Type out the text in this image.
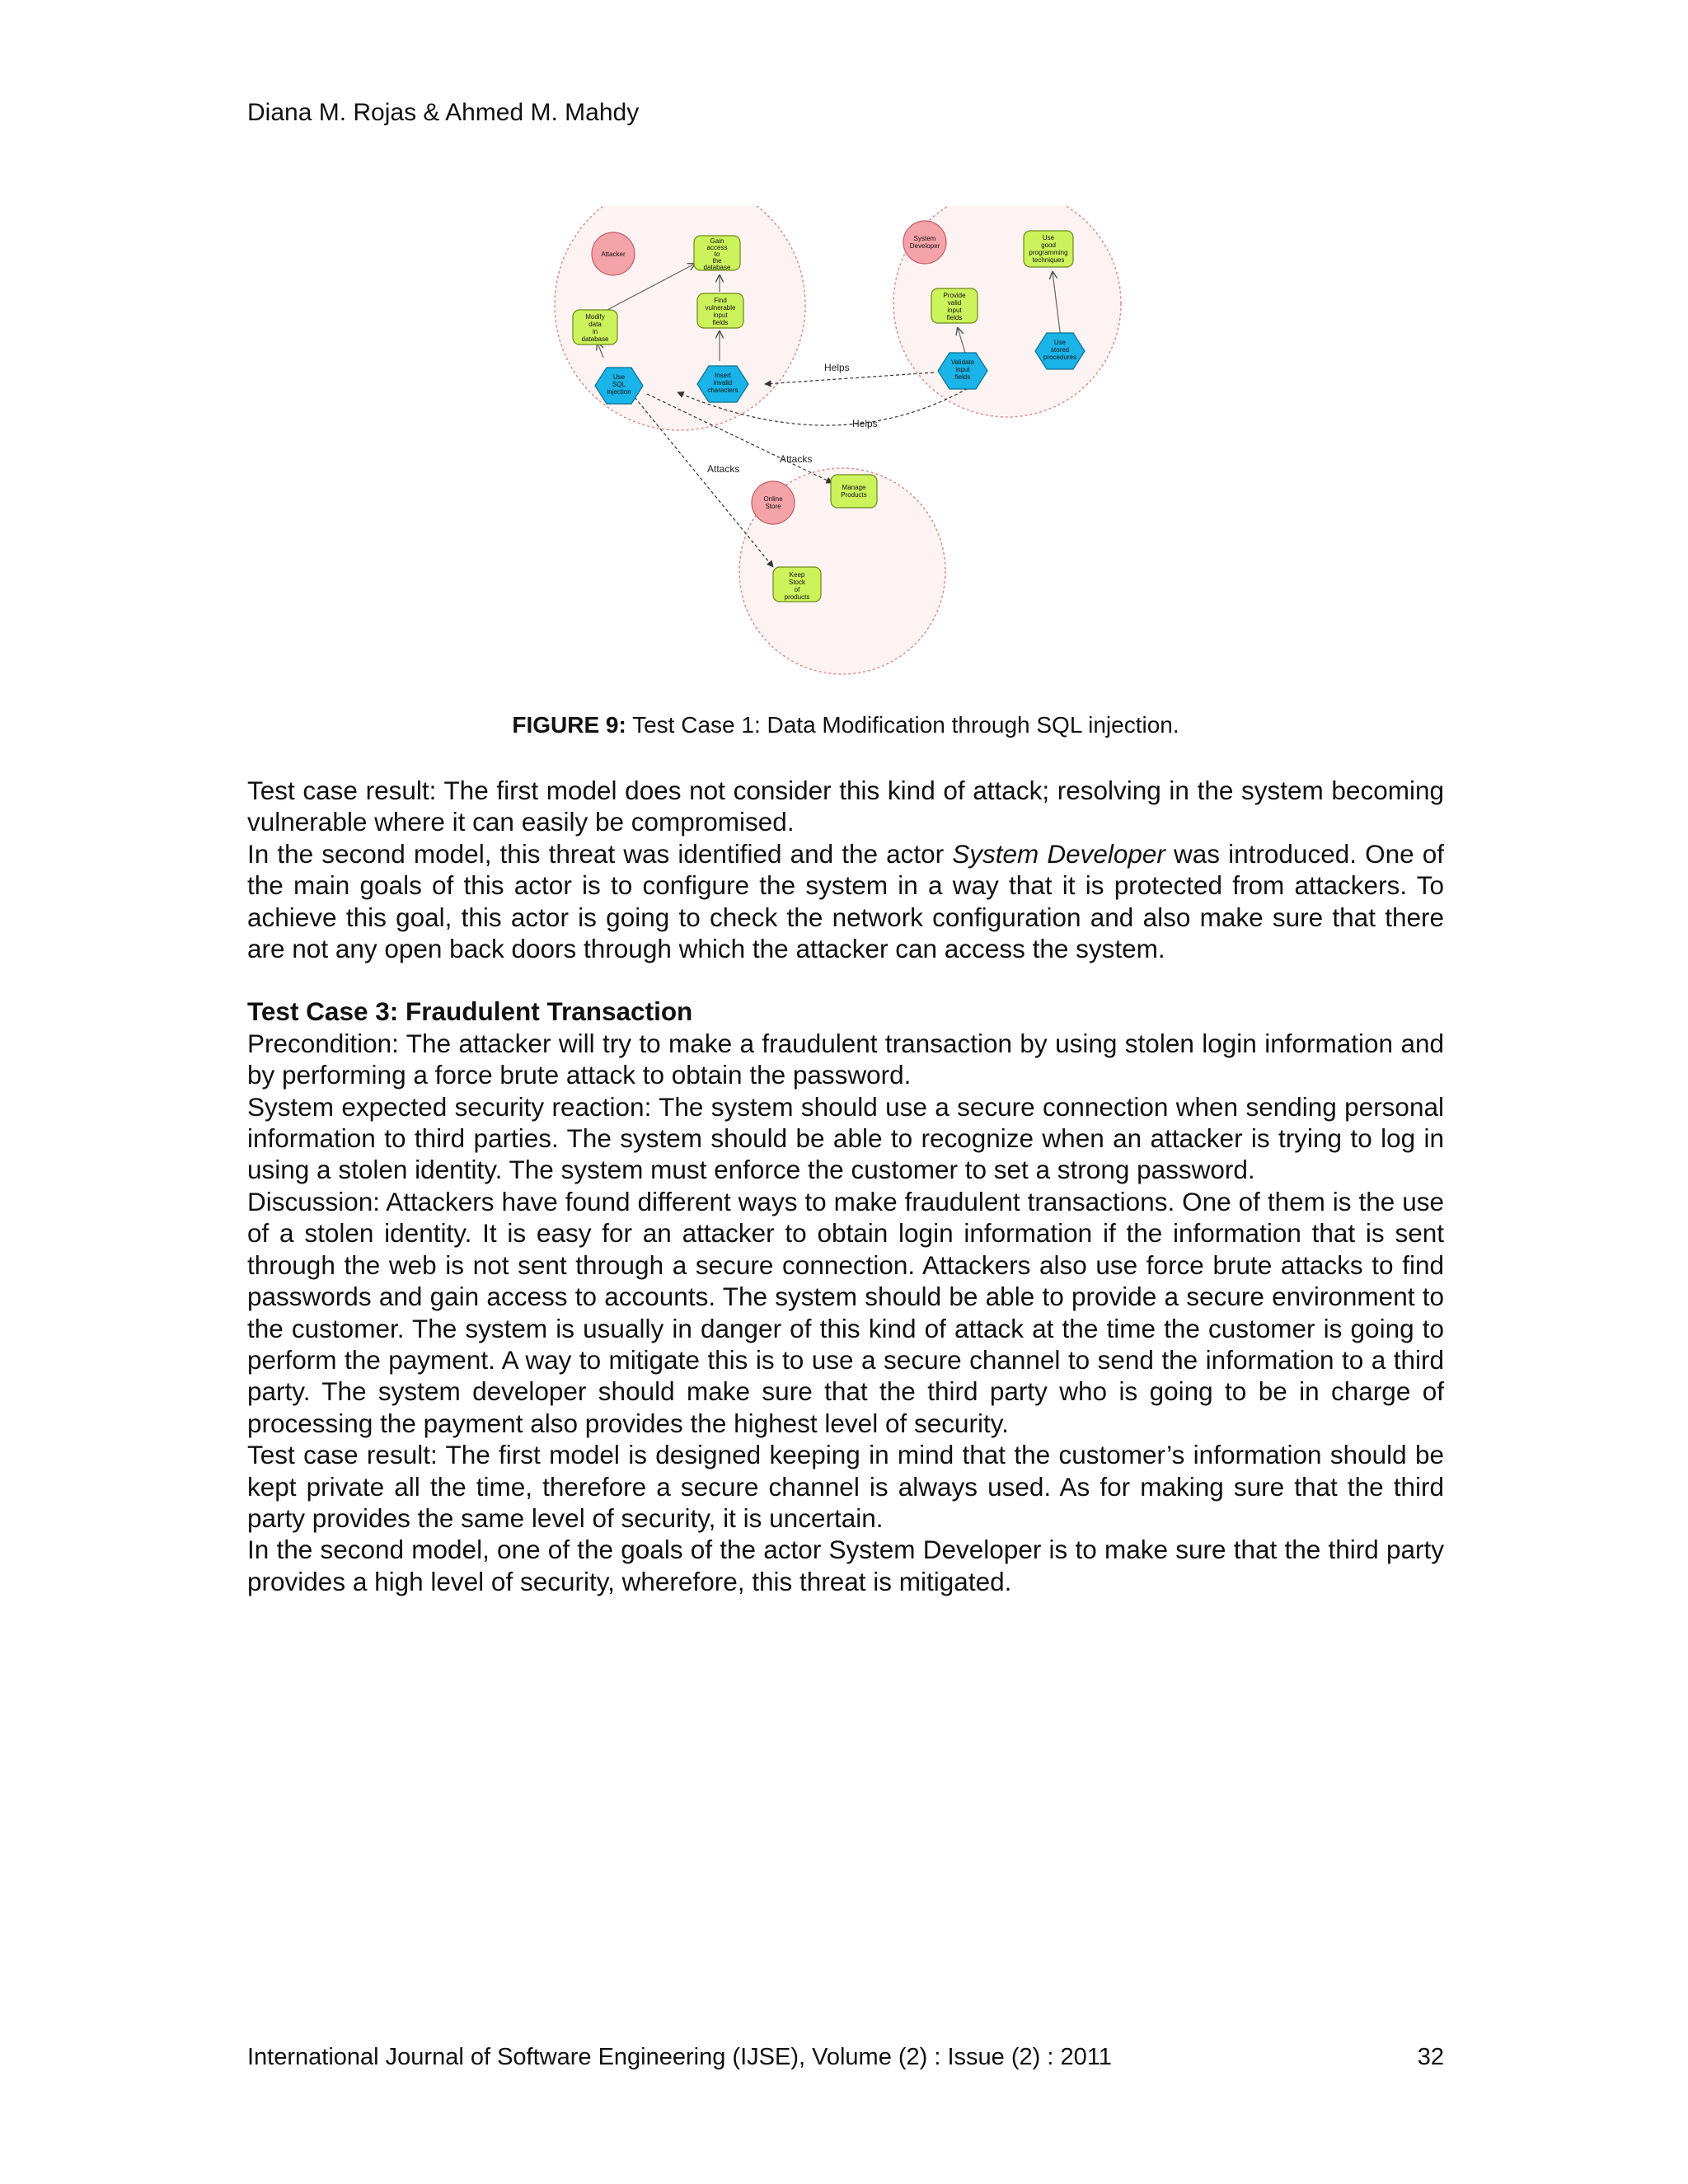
Diana M. Rojas & Ahmed M. Mahdy
Helps
Helps
Attacks
Attacks
Attacker
System
Developer
Online
Store
Gain
access
to
the
database
Modify
data
in
database
Find
vulnerable
input
fields
Use
good
programming
techniques
Provide
valid
input
fields
Manage
Products
Keep
Stock
of
products
Use
SQL
injection
Insert
invalid
characters
Validate
input
fields
Use
stored
procedures
FIGURE 9: Test Case 1: Data Modification through SQL injection.

Test case result: The first model does not consider this kind of attack; resolving in the system becoming vulnerable where it can easily be compromised.

In the second model, this threat was identified and the actor System Developer was introduced. One of the main goals of this actor is to configure the system in a way that it is protected from attackers. To achieve this goal, this actor is going to check the network configuration and also make sure that there are not any open back doors through which the attacker can access the system.

Test Case 3: Fraudulent Transaction

Precondition: The attacker will try to make a fraudulent transaction by using stolen login information and by performing a force brute attack to obtain the password.

System expected security reaction: The system should use a secure connection when sending personal information to third parties. The system should be able to recognize when an attacker is trying to log in using a stolen identity. The system must enforce the customer to set a strong password.

Discussion: Attackers have found different ways to make fraudulent transactions. One of them is the use of a stolen identity. It is easy for an attacker to obtain login information if the information that is sent through the web is not sent through a secure connection. Attackers also use force brute attacks to find passwords and gain access to accounts. The system should be able to provide a secure environment to the customer. The system is usually in danger of this kind of attack at the time the customer is going to perform the payment. A way to mitigate this is to use a secure channel to send the information to a third party. The system developer should make sure that the third party who is going to be in charge of processing the payment also provides the highest level of security.

Test case result: The first model is designed keeping in mind that the customer’s information should be kept private all the time, therefore a secure channel is always used. As for making sure that the third party provides the same level of security, it is uncertain.

In the second model, one of the goals of the actor System Developer is to make sure that the third party provides a high level of security, wherefore, this threat is mitigated.

International Journal of Software Engineering (IJSE), Volume (2) : Issue (2) : 2011	32
